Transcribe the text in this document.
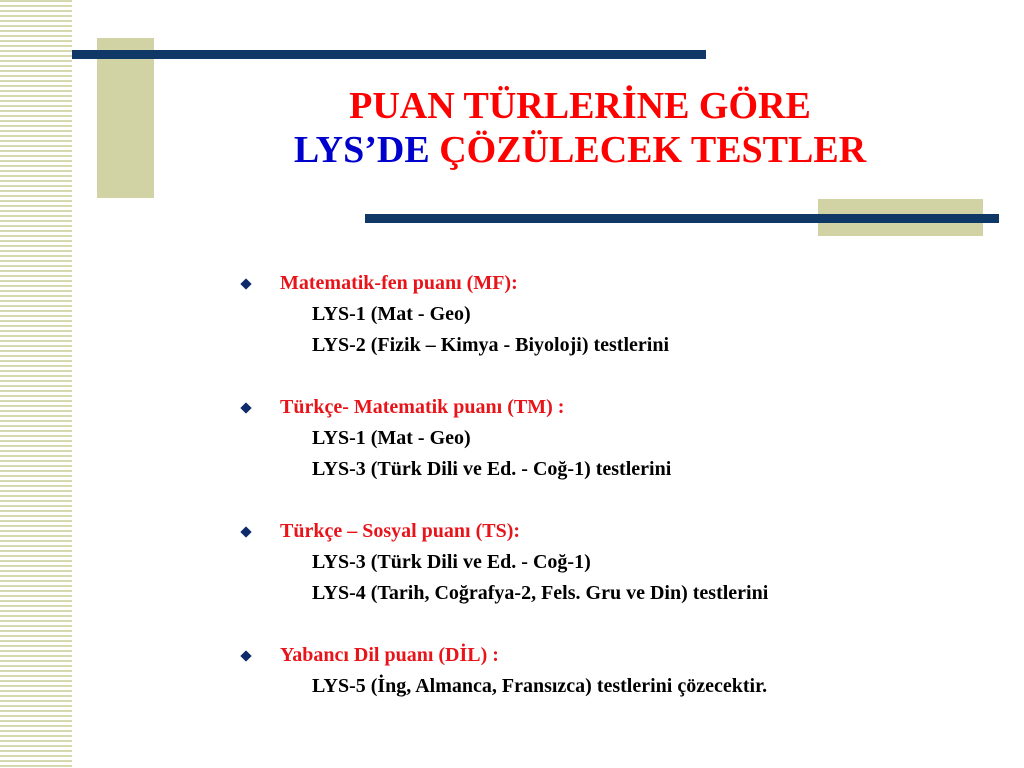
PUAN TÜRLERİNE GÖRE
LYS’DE ÇÖZÜLECEK TESTLER
Matematik-fen puanı (MF):
LYS-1 (Mat - Geo)
LYS-2 (Fizik – Kimya - Biyoloji) testlerini
Türkçe- Matematik puanı (TM) :
LYS-1 (Mat - Geo)
LYS-3 (Türk Dili ve Ed. - Coğ-1) testlerini
Türkçe – Sosyal puanı (TS):
LYS-3 (Türk Dili ve Ed. - Coğ-1)
LYS-4 (Tarih, Coğrafya-2, Fels. Gru ve Din) testlerini
Yabancı Dil puanı (DİL) :
LYS-5 (İng, Almanca, Fransızca) testlerini çözecektir.
